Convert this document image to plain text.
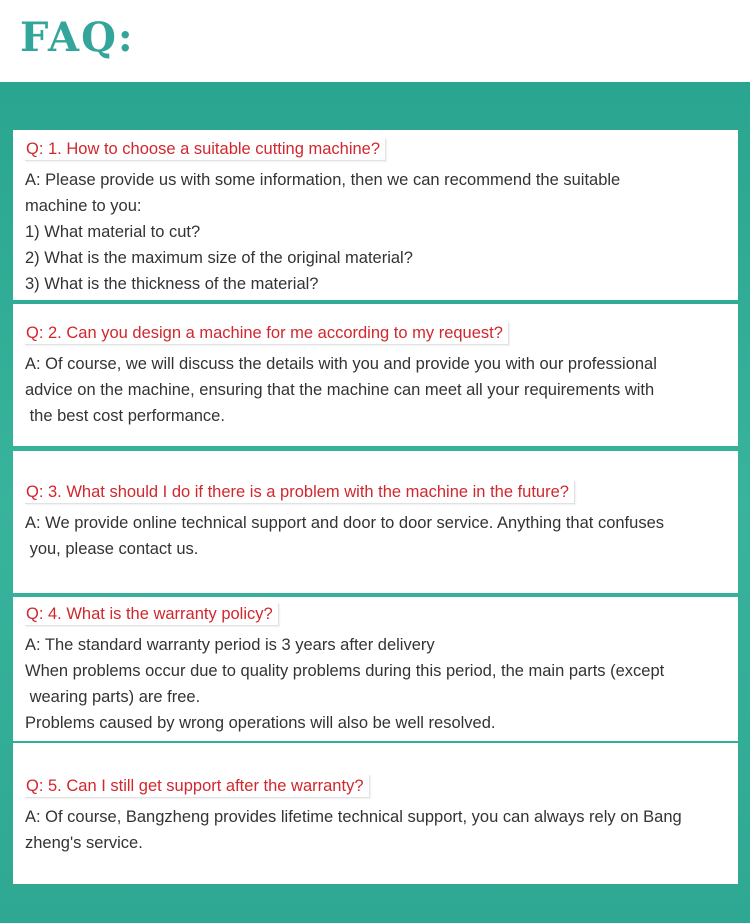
FAQ:
Q: 1. How to choose a suitable cutting machine?
A: Please provide us with some information, then we can recommend the suitable
machine to you:
1) What material to cut?
2) What is the maximum size of the original material?
3) What is the thickness of the material?
Q: 2. Can you design a machine for me according to my request?
A: Of course, we will discuss the details with you and provide you with our professional
advice on the machine, ensuring that the machine can meet all your requirements with
the best cost performance.
Q: 3. What should I do if there is a problem with the machine in the future?
A: We provide online technical support and door to door service. Anything that confuses
you, please contact us.
Q: 4. What is the warranty policy?
A: The standard warranty period is 3 years after delivery
When problems occur due to quality problems during this period, the main parts (except
wearing parts) are free.
Problems caused by wrong operations will also be well resolved.
Q: 5. Can I still get support after the warranty?
A: Of course, Bangzheng provides lifetime technical support, you can always rely on Bang
zheng's service.
